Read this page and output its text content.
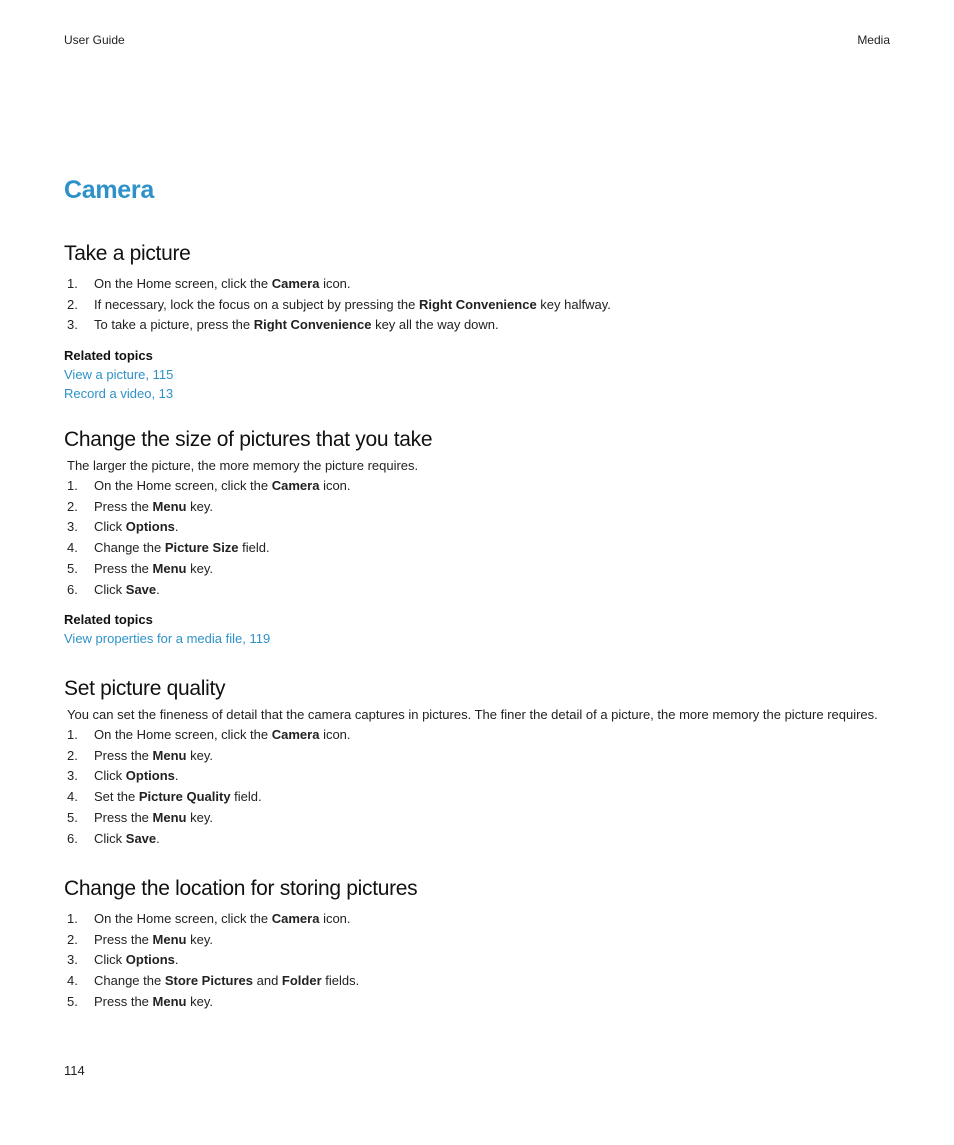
User Guide	Media
Camera
Take a picture
1. On the Home screen, click the Camera icon.
2. If necessary, lock the focus on a subject by pressing the Right Convenience key halfway.
3. To take a picture, press the Right Convenience key all the way down.
Related topics
View a picture, 115
Record a video, 13
Change the size of pictures that you take
The larger the picture, the more memory the picture requires.
1. On the Home screen, click the Camera icon.
2. Press the Menu key.
3. Click Options.
4. Change the Picture Size field.
5. Press the Menu key.
6. Click Save.
Related topics
View properties for a media file, 119
Set picture quality
You can set the fineness of detail that the camera captures in pictures. The finer the detail of a picture, the more memory the picture requires.
1. On the Home screen, click the Camera icon.
2. Press the Menu key.
3. Click Options.
4. Set the Picture Quality field.
5. Press the Menu key.
6. Click Save.
Change the location for storing pictures
1. On the Home screen, click the Camera icon.
2. Press the Menu key.
3. Click Options.
4. Change the Store Pictures and Folder fields.
5. Press the Menu key.
114
